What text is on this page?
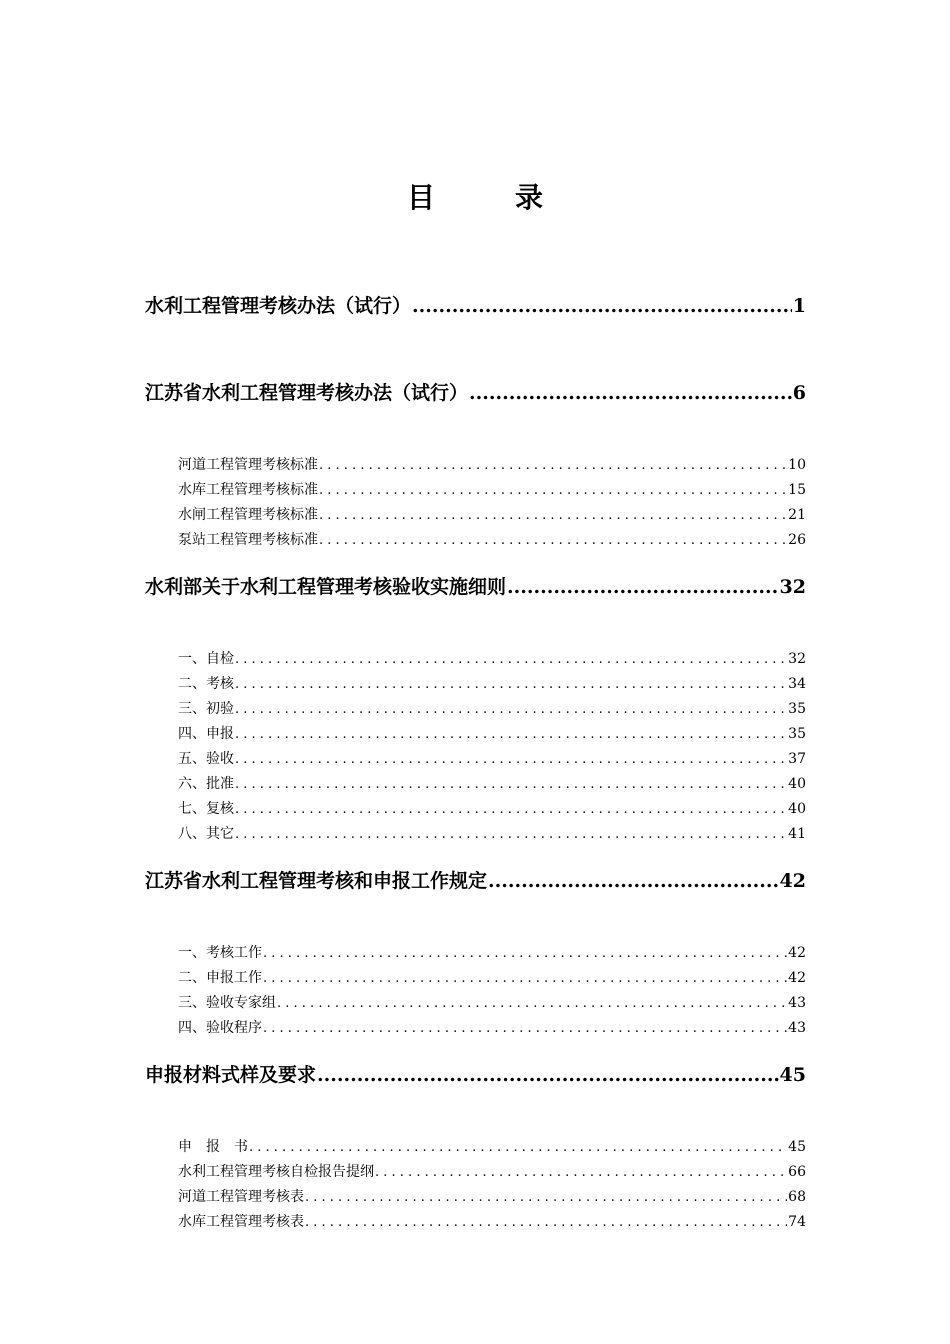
目　录
水利工程管理考核办法（试行） .....	1
江苏省水利工程管理考核办法（试行） .....	6
河道工程管理考核标准 . . .	10
水库工程管理考核标准 . . .	15
水闸工程管理考核标准 . . .	21
泵站工程管理考核标准 . . .	26
水利部关于水利工程管理考核验收实施细则 .....	32
一、自检 . . .	32
二、考核 . . .	34
三、初验 . . .	35
四、申报 . . .	35
五、验收 . . .	37
六、批准 . . .	40
七、复核 . . .	40
八、其它 . . .	41
江苏省水利工程管理考核和申报工作规定 .....	42
一、考核工作 . . .	42
二、申报工作 . . .	42
三、验收专家组 . . .	43
四、验收程序 . . .	43
申报材料式样及要求 .....	45
申　报　书 . . .	45
水利工程管理考核自检报告提纲 . . .	66
河道工程管理考核表 . . .	68
水库工程管理考核表 . . .	74
